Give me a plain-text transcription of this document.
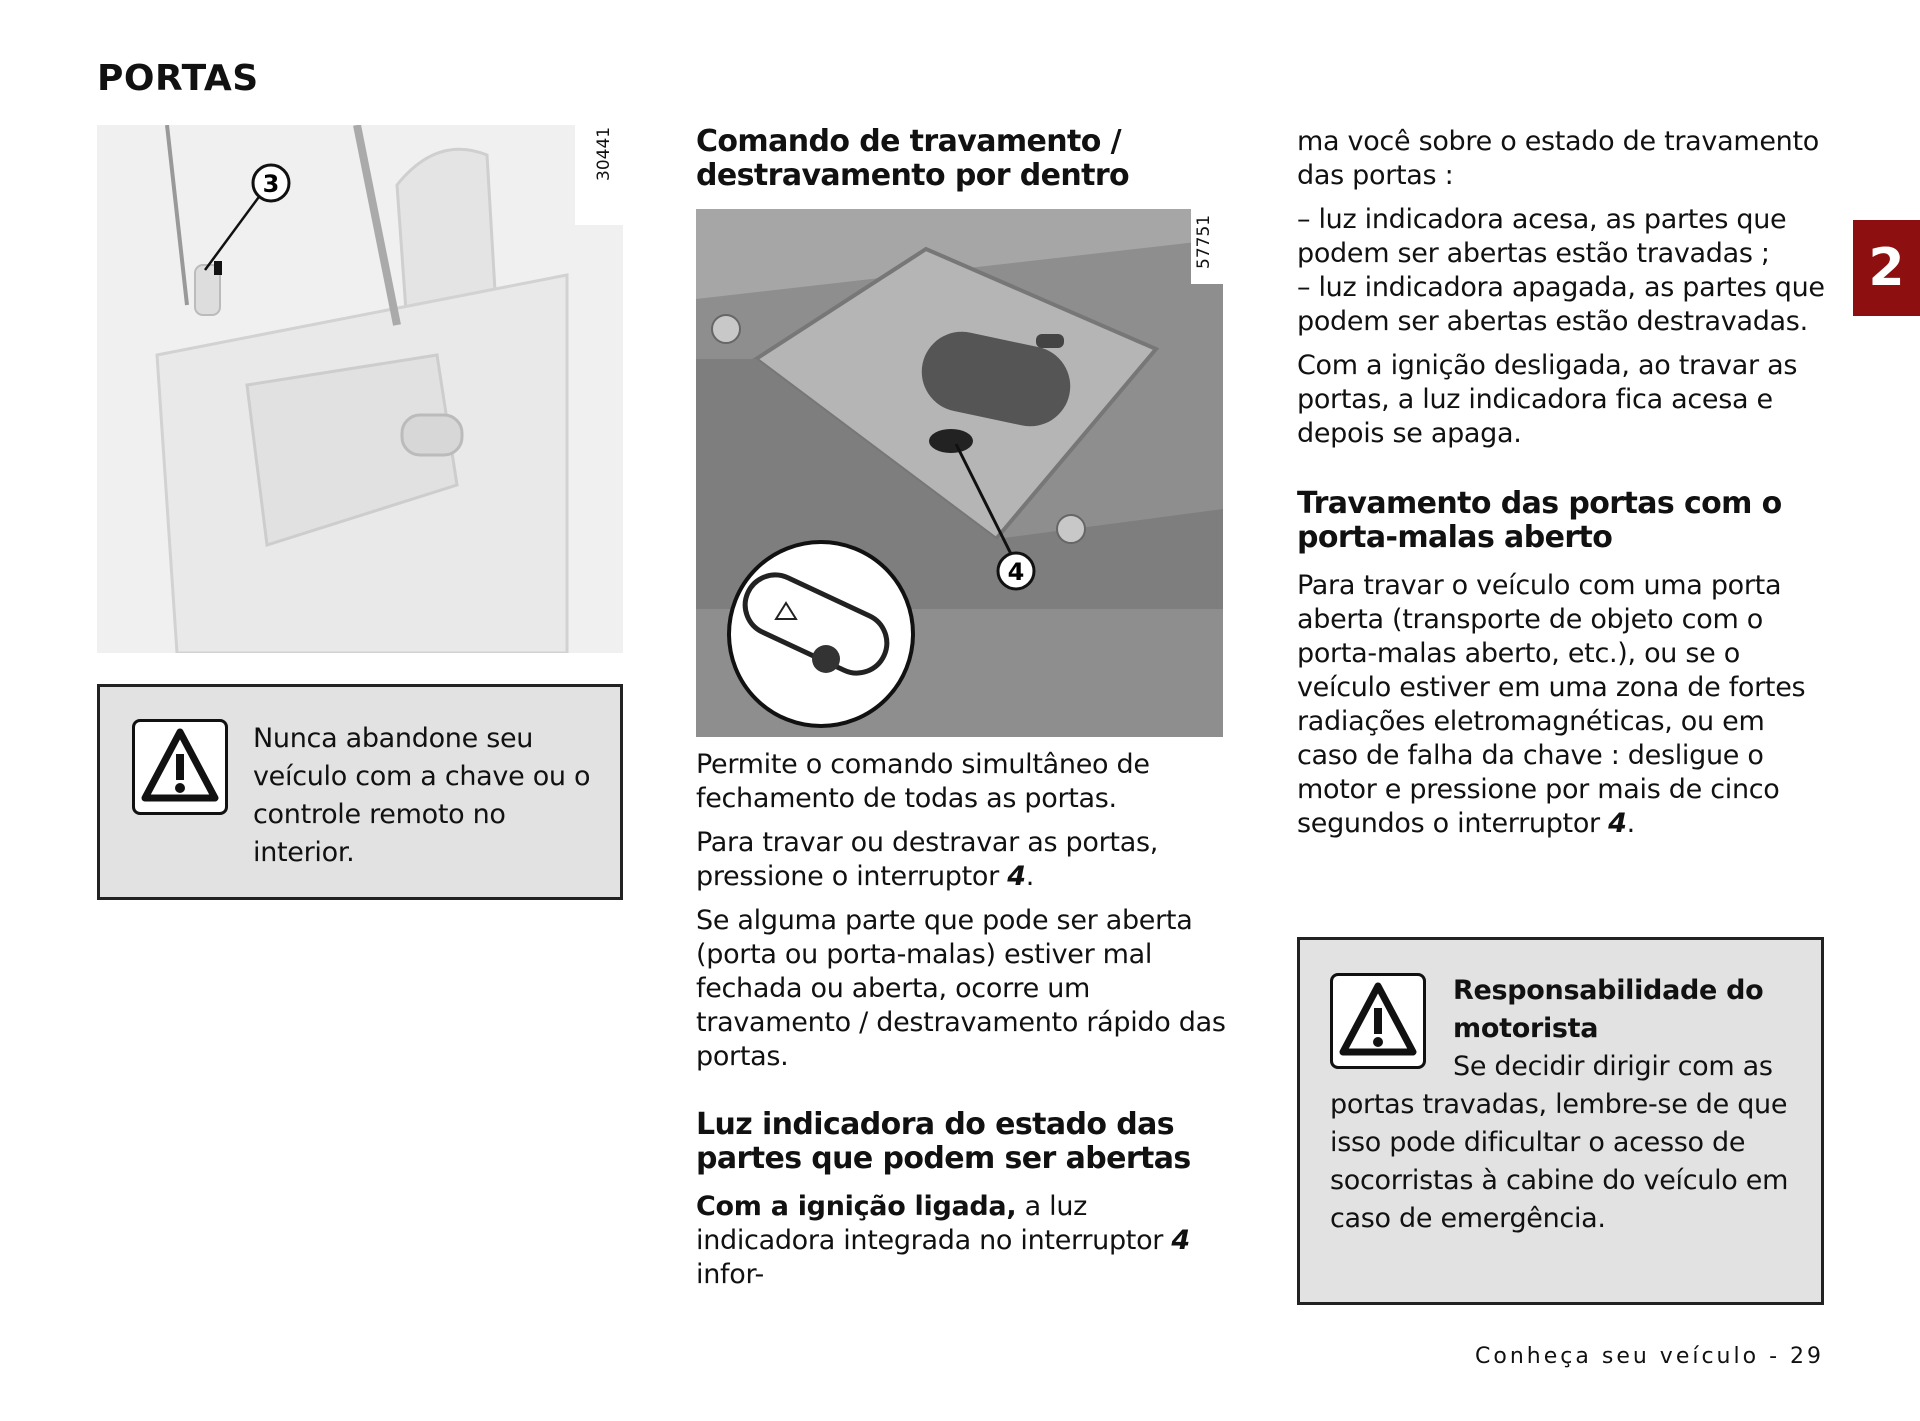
PORTAS
3
30441
Nunca abandone seu veículo com a chave ou o controle remoto no interior.
Comando de travamento / destravamento por dentro
4
57751

Permite o comando simultâneo de fechamento de todas as portas.

Para travar ou destravar as portas, pressione o interruptor 4.

Se alguma parte que pode ser aberta (porta ou porta-malas) estiver mal fechada ou aberta, ocorre um travamento / destravamento rápido das portas.

Luz indicadora do estado das partes que podem ser abertas

Com a ignição ligada, a luz indicadora integrada no interruptor 4 infor-

ma você sobre o estado de travamento das portas :

– luz indicadora acesa, as partes que podem ser abertas estão travadas ;

– luz indicadora apagada, as partes que podem ser abertas estão destravadas.

Com a ignição desligada, ao travar as portas, a luz indicadora fica acesa e depois se apaga.

Travamento das portas com o porta-malas aberto

Para travar o veículo com uma porta aberta (transporte de objeto com o porta-malas aberto, etc.), ou se o veículo estiver em uma zona de fortes radiações eletromagnéticas, ou em caso de falha da chave : desligue o motor e pressione por mais de cinco segundos o interruptor 4.

Responsabilidade do motorista
Se decidir dirigir com as portas travadas, lembre-se de que isso pode dificultar o acesso de socorristas à cabine do veículo em caso de emergência.
2
Conheça seu veículo - 29
